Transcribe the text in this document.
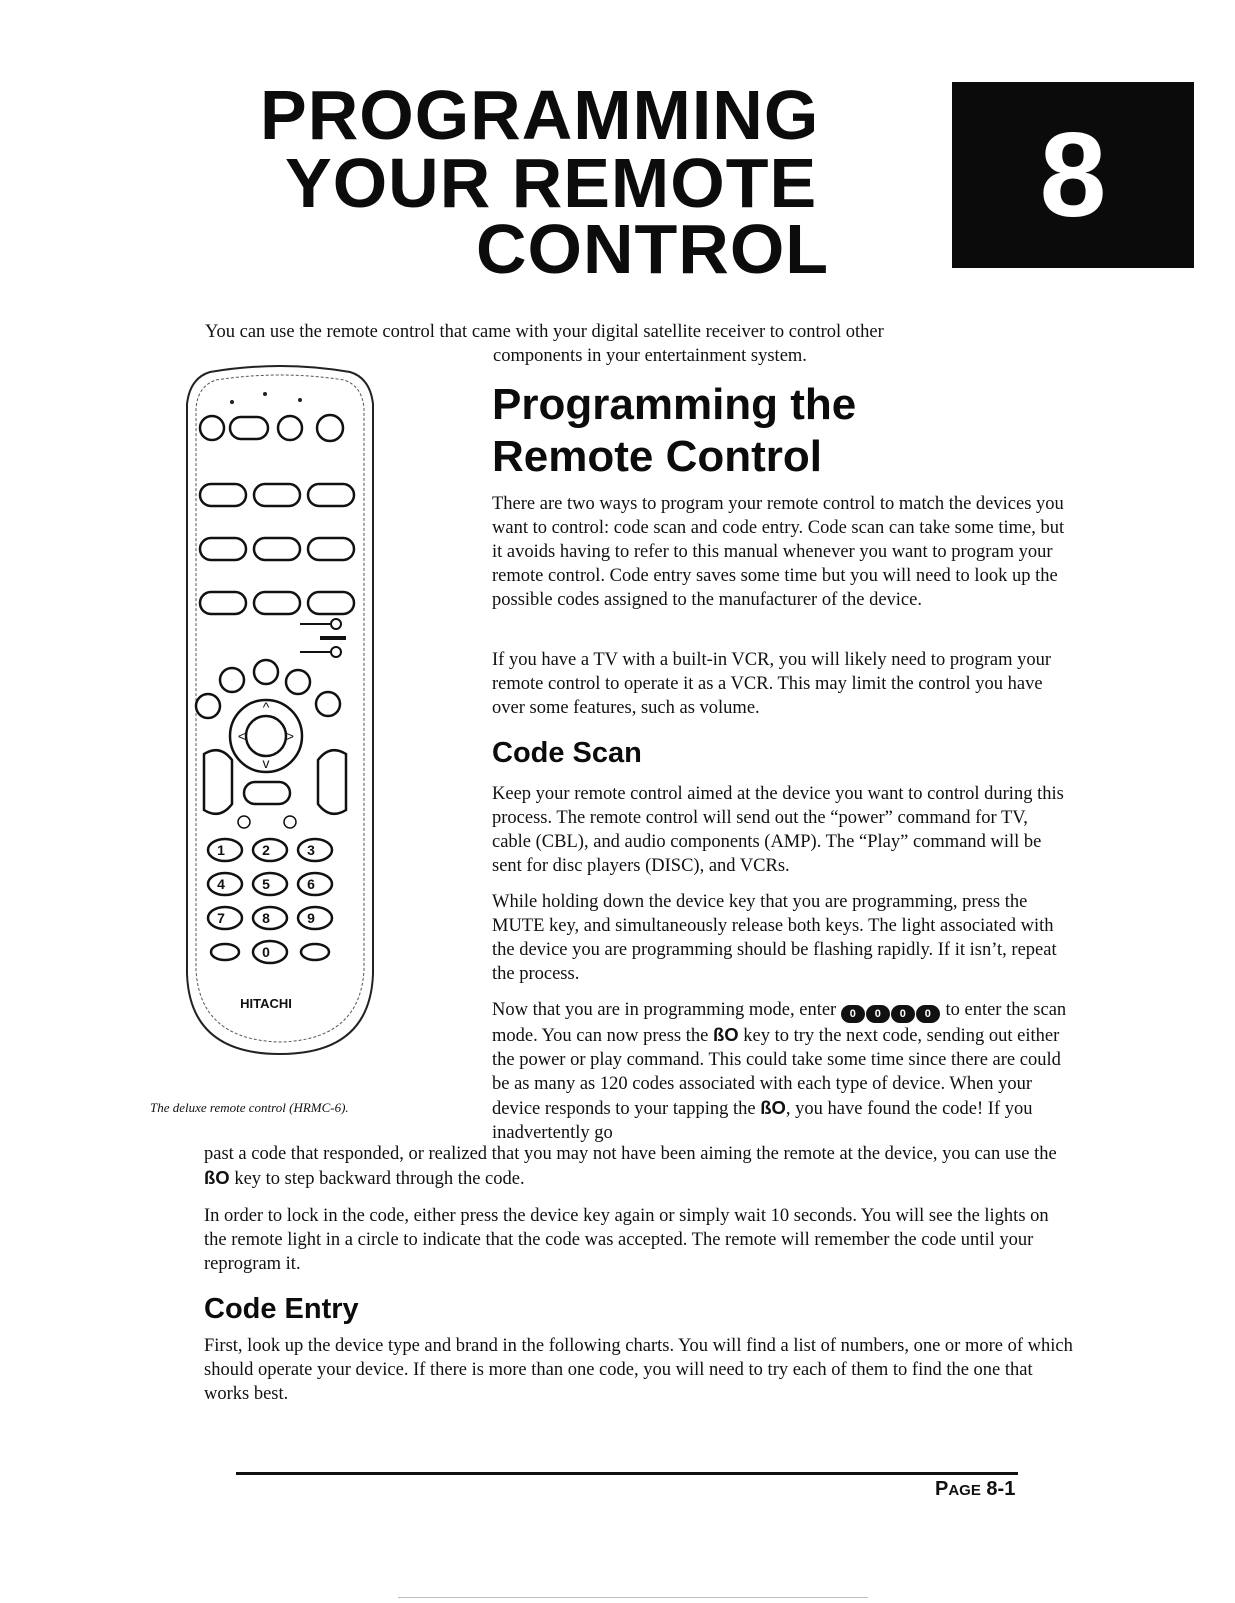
PROGRAMMING
YOUR REMOTE
CONTROL
8
You can use the remote control that came with your digital satellite receiver to control other
components in your entertainment system.
^
v
<	>
1	2	3
4	5	6
7	8	9
0
HITACHI
The deluxe remote control (HRMC-6).
Programming the
Remote Control
There are two ways to program your remote control to match the devices you want to control: code scan and code entry. Code scan can take some time, but it avoids having to refer to this manual whenever you want to program your remote control. Code entry saves some time but you will need to look up the possible codes assigned to the manufacturer of the device.
If you have a TV with a built-in VCR, you will likely need to program your remote control to operate it as a VCR. This may limit the control you have over some features, such as volume.
Code Scan
Keep your remote control aimed at the device you want to control during this process. The remote control will send out the “power” command for TV, cable (CBL), and audio components (AMP). The “Play” command will be sent for disc players (DISC), and VCRs.
While holding down the device key that you are programming, press the MUTE key, and simultaneously release both keys. The light associated with the device you are programming should be flashing rapidly. If it isn’t, repeat the process.
Now that you are in programming mode, enter 0 0 0 0 to enter the scan mode. You can now press the ßO key to try the next code, sending out either the power or play command. This could take some time since there are could be as many as 120 codes associated with each type of device. When your device responds to your tapping the ßO, you have found the code! If you inadvertently go
past a code that responded, or realized that you may not have been aiming the remote at the device, you can use the ßO key to step backward through the code.
In order to lock in the code, either press the device key again or simply wait 10 seconds. You will see the lights on the remote light in a circle to indicate that the code was accepted. The remote will remember the code until your reprogram it.
Code Entry
First, look up the device type and brand in the following charts. You will find a list of numbers, one or more of which should operate your device. If there is more than one code, you will need to try each of them to find the one that works best.
PAGE 8-1
